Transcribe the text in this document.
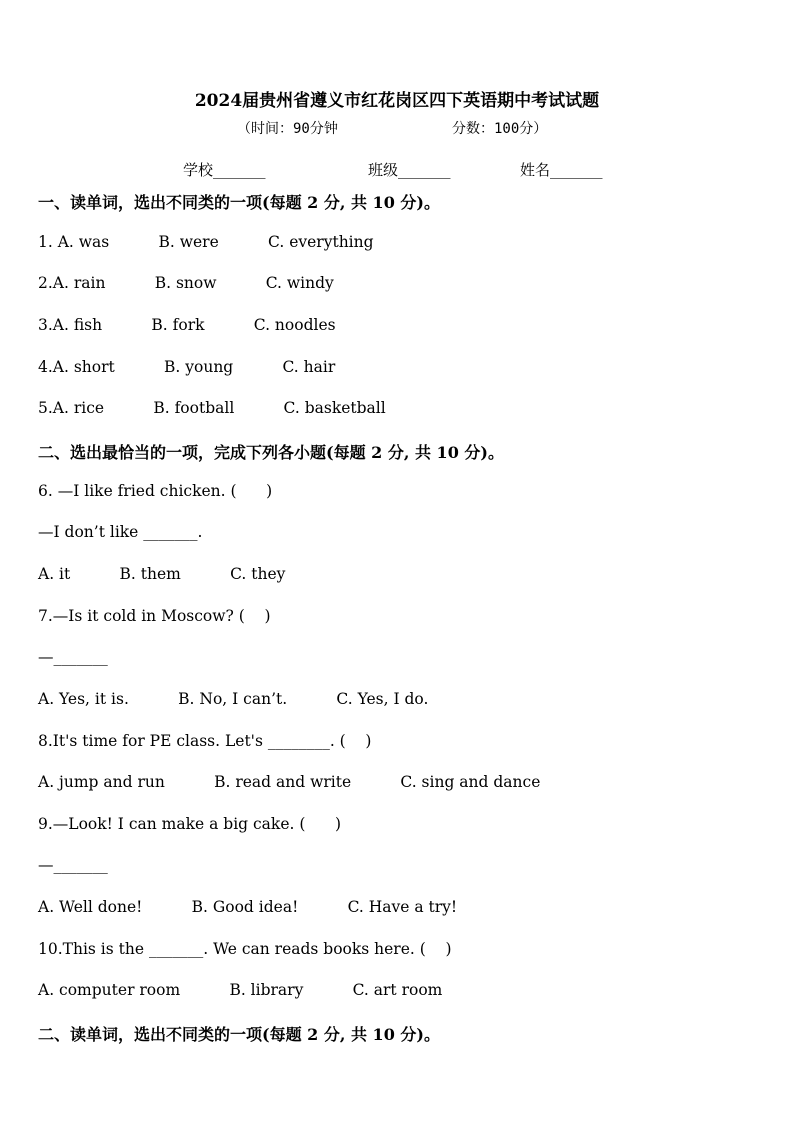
2024届贵州省遵义市红花岗区四下英语期中考试试题
（时间：90分钟	分数：100分）
学校_______	班级_______	姓名_______
一、读单词，选出不同类的一项(每题 2 分, 共 10 分)。
1. A. was          B. were          C. everything
2.A. rain          B. snow          C. windy
3.A. fish          B. fork          C. noodles
4.A. short          B. young          C. hair
5.A. rice          B. football          C. basketball
二、选出最恰当的一项，完成下列各小题(每题 2 分, 共 10 分)。
6. —I like fried chicken. (      )
—I don’t like _______.
A. it          B. them          C. they
7.—Is it cold in Moscow? (    )
—_______
A. Yes, it is.          B. No, I can’t.          C. Yes, I do.
8.It's time for PE class. Let's ________. (    )
A. jump and run          B. read and write          C. sing and dance
9.—Look! I can make a big cake. (      )
—_______
A. Well done!          B. Good idea!          C. Have a try!
10.This is the _______. We can reads books here. (    )
A. computer room          B. library          C. art room
二、读单词，选出不同类的一项(每题 2 分, 共 10 分)。
